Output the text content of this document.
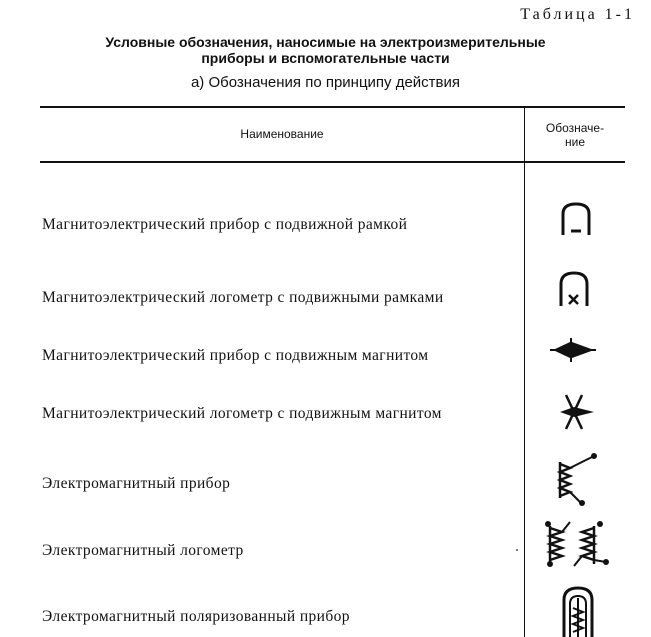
Таблица 1-1
Условные обозначения, наносимые на электроизмерительные
приборы и вспомогательные части
а) Обозначения по принципу действия
Наименование	Обозначе-
ние
Магнитоэлектрический прибор с подвижной рамкой
Магнитоэлектрический логометр с подвижными рамками
Магнитоэлектрический прибор с подвижным магнитом
Магнитоэлектрический логометр с подвижным магнитом
Электромагнитный прибор
Электромагнитный логометр
Электромагнитный поляризованный прибор
